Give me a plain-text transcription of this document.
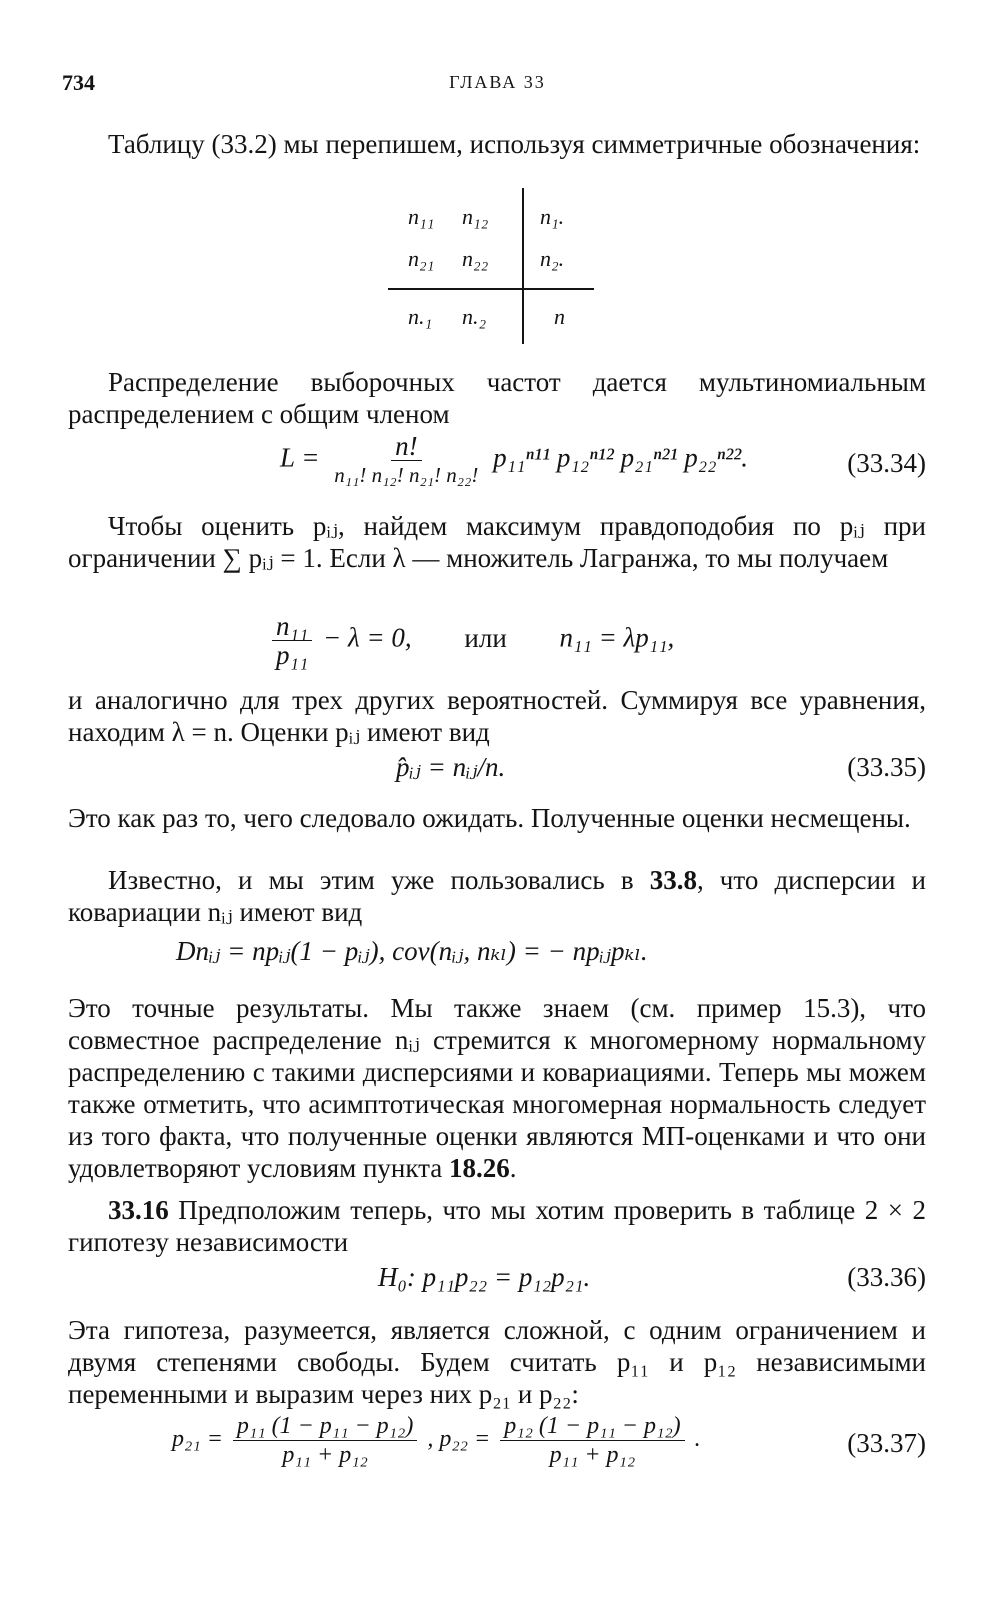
734	ГЛАВА 33
Таблицу (33.2) мы перепишем, используя симметричные обозначения:
n₁₁ n₁₂ n₁.
n₂₁ n₂₂ n₂.
n.₁ n.₂	n
Распределение выборочных частот дается мультиномиальным распределением с общим членом
$L = \frac{n!}{\text{n₁₁! n₁₂! n₂₁! n₂₂!}} p_{11}^{n11}$ p₁₂ⁿ¹² p₂₁ⁿ²¹ p₂₂ⁿ²².	(33.34)
Чтобы оценить pᵢⱼ, найдем максимум правдоподобия по pᵢⱼ при ограничении ∑ pᵢⱼ = 1. Если λ — множитель Лагранжа, то мы получаем
$\frac{\text{n₁₁}}{\text{p₁₁}} - \lambda = 0$, или n₁₁ = λp₁₁,
и аналогично для трех других вероятностей. Суммируя все уравнения, находим λ = n. Оценки pᵢⱼ имеют вид
p̂ᵢⱼ = nᵢⱼ/n.	(33.35)
Это как раз то, чего следовало ожидать. Полученные оценки несмещены.
Известно, и мы этим уже пользовались в 33.8, что дисперсии и ковариации nᵢⱼ имеют вид
Dnᵢⱼ = npᵢⱼ(1 − pᵢⱼ), cov(nᵢⱼ, nₖₗ) = − npᵢⱼpₖₗ.
Это точные результаты. Мы также знаем (см. пример 15.3), что совместное распределение nᵢⱼ стремится к многомерному нормальному распределению с такими дисперсиями и ковариациями. Теперь мы можем также отметить, что асимптотическая многомерная нормальность следует из того факта, что полученные оценки являются МП-оценками и что они удовлетворяют условиям пункта 18.26.
33.16 Предположим теперь, что мы хотим проверить в таблице 2 × 2 гипотезу независимости
H₀: p₁₁p₂₂ = p₁₂p₂₁.	(33.36)
Эта гипотеза, разумеется, является сложной, с одним ограничением и двумя степенями свободы. Будем считать p₁₁ и p₁₂ независимыми переменными и выразим через них p₂₁ и p₂₂:
$p_{21} = \frac{\text{p₁₁ (1 − p₁₁ − p₁₂)}}{\text{p₁₁ + p₁₂}}$ , $p_{22} = \frac{\text{p₁₂ (1 − p₁₁ − p₁₂)}}{\text{p₁₁ + p₁₂}}$ .	(33.37)
